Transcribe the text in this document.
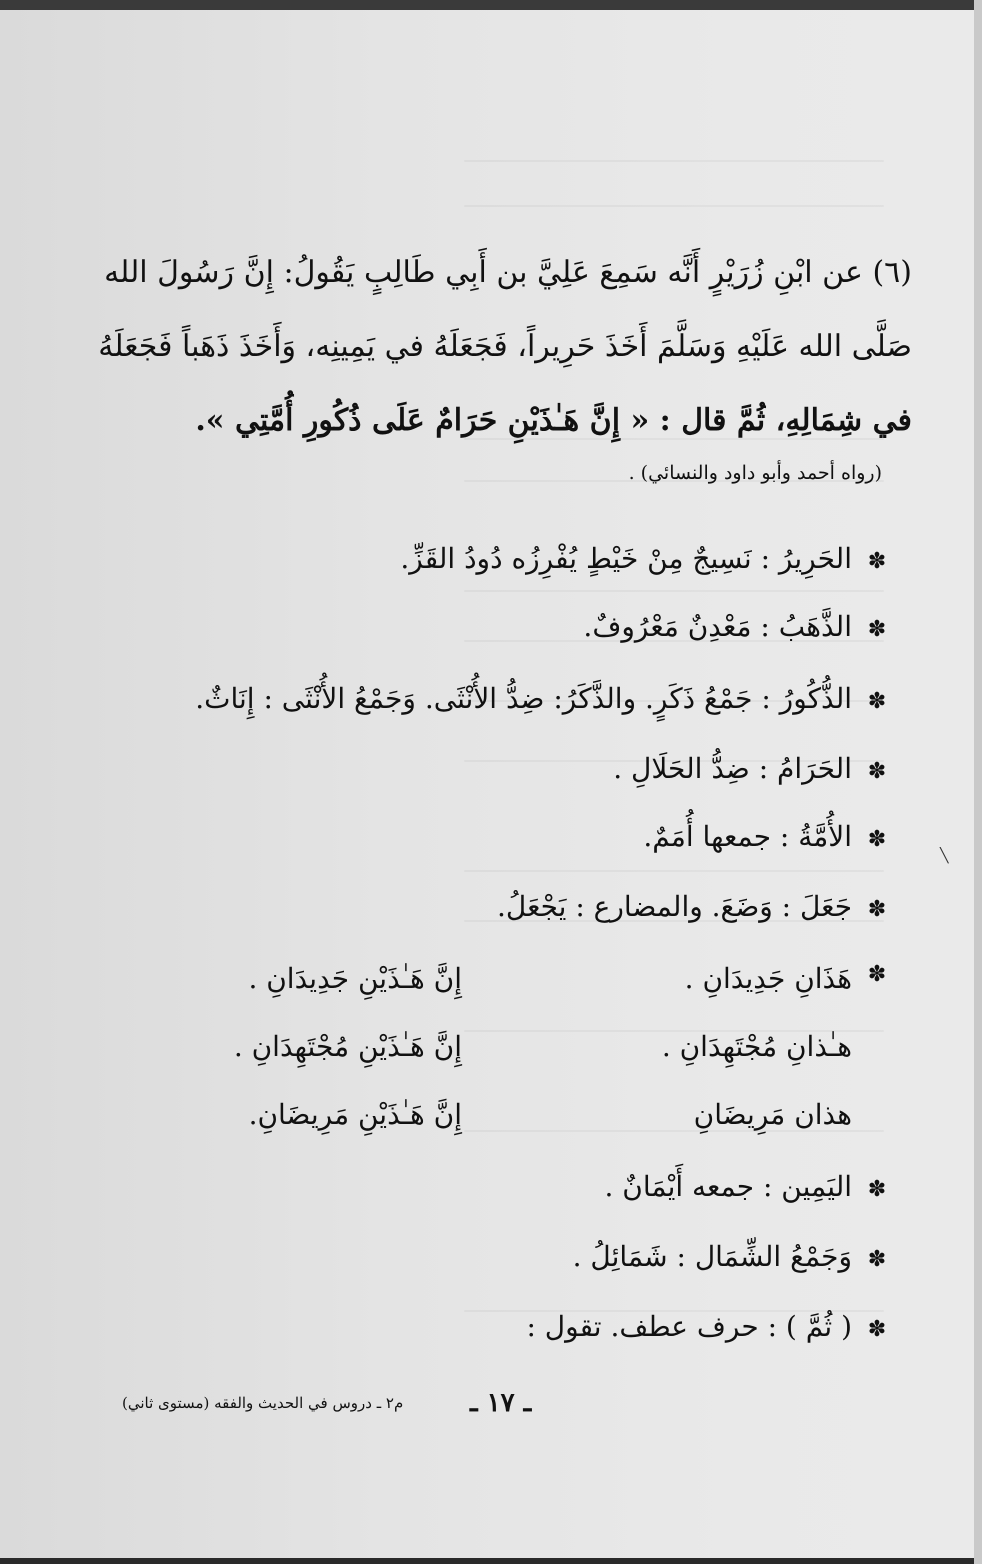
(٦) عن ابْنِ زُرَيْرٍ أَنَّه سَمِعَ عَلِيَّ بن أَبِي طَالِبٍ يَقُولُ: إِنَّ رَسُولَ الله

صَلَّى الله عَلَيْهِ وَسَلَّمَ أَخَذَ حَرِيراً، فَجَعَلَهُ في يَمِينِه، وَأَخَذَ ذَهَباً فَجَعَلَهُ

في شِمَالِهِ، ثُمَّ قال : « إِنَّ هَـٰذَيْنِ حَرَامٌ عَلَى ذُكُورِ أُمَّتِي ».

(رواه أحمد وأبو داود والنسائي) .
✽
الحَرِيرُ : نَسِيجٌ مِنْ خَيْطٍ يُفْرِزُه دُودُ القَزِّ.
✽
الذَّهَبُ : مَعْدِنٌ مَعْرُوفٌ.
✽
الذُّكُورُ : جَمْعُ ذَكَرٍ. والذَّكَرُ: ضِدُّ الأُنْثَى. وَجَمْعُ الأُنْثَى : إِنَاثٌ.
✽
الحَرَامُ : ضِدُّ الحَلَالِ .
✽
الأُمَّةُ : جمعها أُمَمٌ.
✽
جَعَلَ : وَضَعَ. والمضارع : يَجْعَلُ.
✽
هَذَانِ جَدِيدَانِ .
إِنَّ هَـٰذَيْنِ جَدِيدَانِ .
هـٰذانِ مُجْتَهِدَانِ .
إِنَّ هَـٰذَيْنِ مُجْتَهِدَانِ .
هذان مَرِيضَانِ
إِنَّ هَـٰذَيْنِ مَرِيضَانِ.
✽
اليَمِين : جمعه أَيْمَانٌ .
✽
وَجَمْعُ الشِّمَال : شَمَائِلُ .
✽
( ثُمَّ ) : حرف عطف. تقول :
╲
م٢ ـ دروس في الحديث والفقه (مستوى ثاني)	ـ ١٧ ـ
